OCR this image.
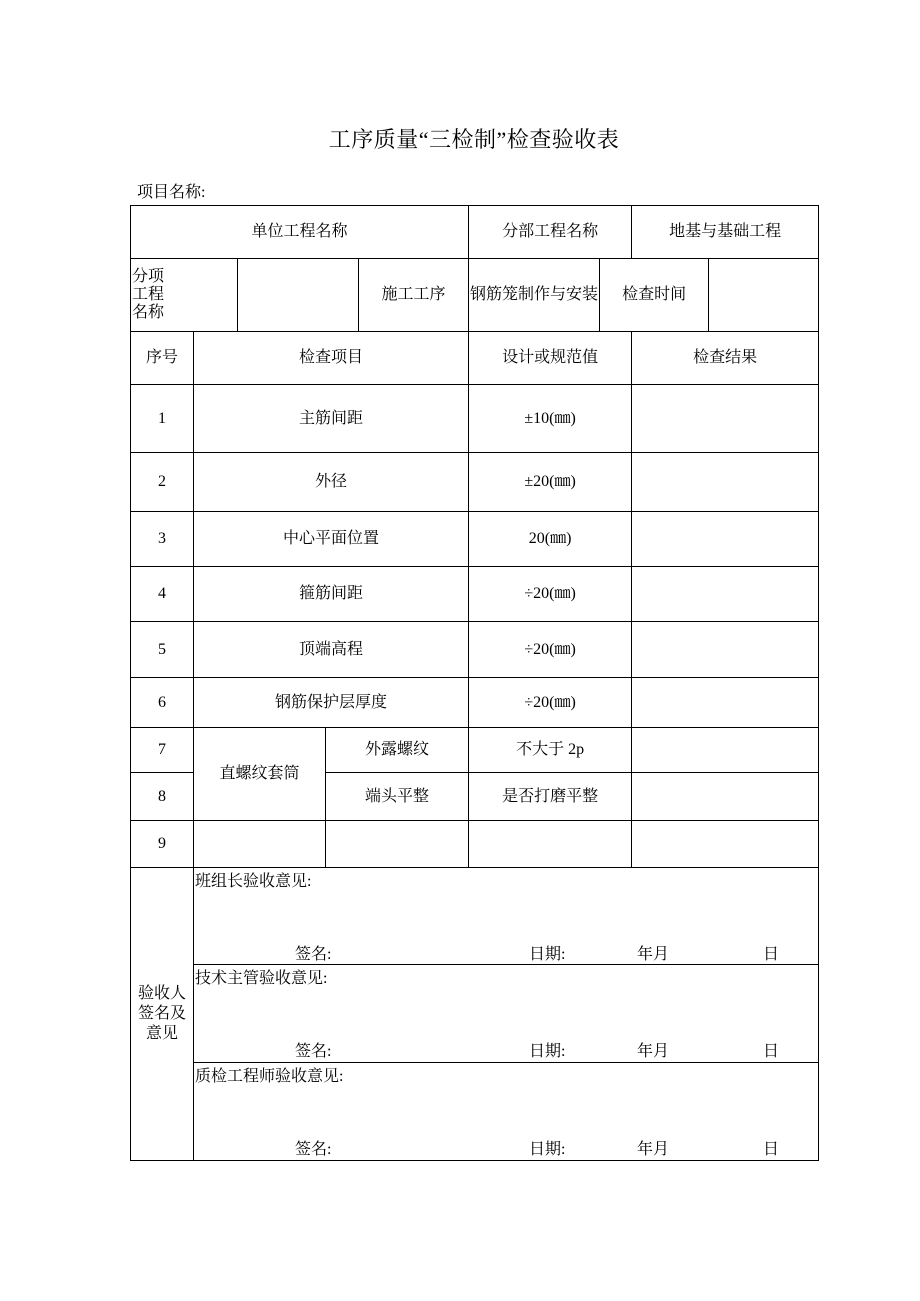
工序质量“三检制”检查验收表
项目名称:
单位工程名称					分部工程名称		地基与基础工程	

分项工程名称				施工工序	钢筋笼制作与安装	检查时间		
序号	检查项目				设计或规范值		检查结果	
1	主筋间距				±10(㎜)			
2	外径				±20(㎜)			
3	中心平面位置				20(㎜)			
4	箍筋间距				÷20(㎜)			
5	顶端高程				÷20(㎜)			
6	钢筋保护层厚度				÷20(㎜)			
7	直螺纹套筒		外露螺纹		不大于 2p			
8			端头平整		是否打磨平整			
9								
验收人签名及意见	班组长验收意见:
签名: 日期: 年月 日							

	技术主管验收意见:
签名: 日期: 年月 日							

	质检工程师验收意见:
签名: 日期: 年月 日							
